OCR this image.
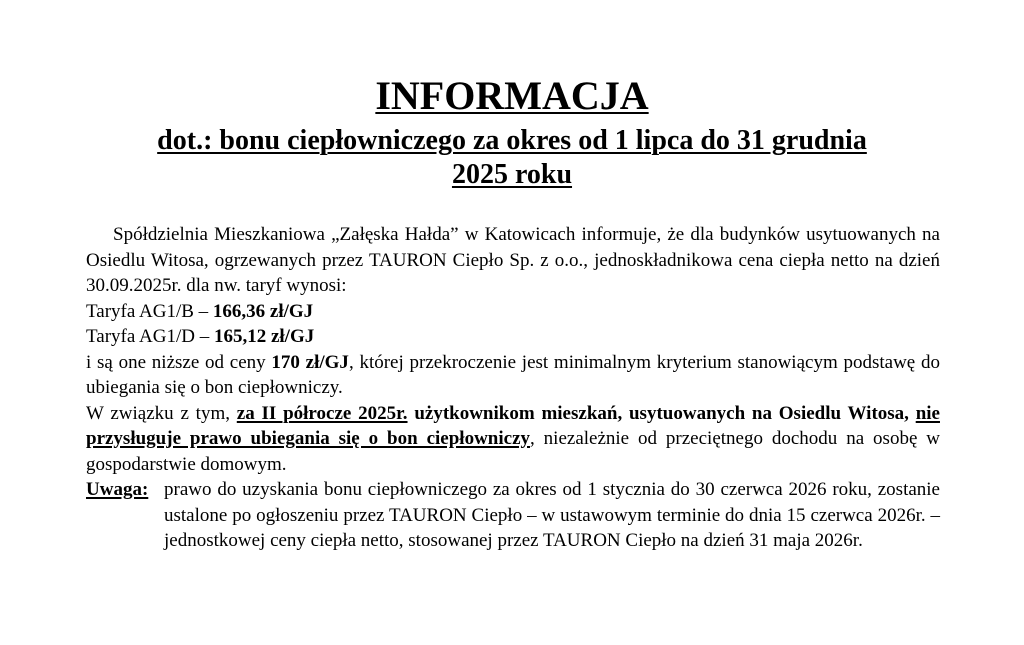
INFORMACJA
dot.: bonu ciepłowniczego za okres od 1 lipca do 31 grudnia
2025 roku

Spółdzielnia Mieszkaniowa „Załęska Hałda” w Katowicach informuje, że dla budynków usytuowanych na Osiedlu Witosa, ogrzewanych przez TAURON Ciepło Sp. z o.o., jednoskładnikowa cena ciepła netto na dzień 30.09.2025r. dla nw. taryf wynosi:

Taryfa AG1/B – 166,36 zł/GJ

Taryfa AG1/D – 165,12 zł/GJ

i są one niższe od ceny 170 zł/GJ, której przekroczenie jest minimalnym kryterium stanowiącym podstawę do ubiegania się o bon ciepłowniczy.

W związku z tym, za II półrocze 2025r. użytkownikom mieszkań, usytuowanych na Osiedlu Witosa, nie przysługuje prawo ubiegania się o bon ciepłowniczy, niezależnie od przeciętnego dochodu na osobę w gospodarstwie domowym.

Uwaga: prawo do uzyskania bonu ciepłowniczego za okres od 1 stycznia do 30 czerwca 2026 roku, zostanie ustalone po ogłoszeniu przez TAURON Ciepło – w ustawowym terminie do dnia 15 czerwca 2026r. – jednostkowej ceny ciepła netto, stosowanej przez TAURON Ciepło na dzień 31 maja 2026r.
